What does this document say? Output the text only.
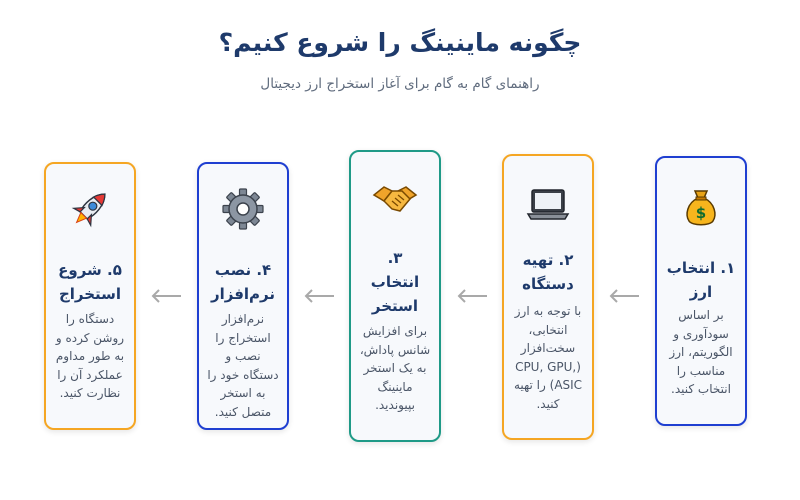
چگونه ماینینگ را شروع کنیم؟
راهنمای گام به گام برای آغاز استخراج ارز دیجیتال
$
۱. انتخاب
ارز
بر اساس سودآوری و الگوریتم، ارز مناسب را انتخاب کنید.
۲. تهیه
دستگاه
با توجه به ارز انتخابی، سخت‌افزار (CPU, GPU, ASIC) را تهیه کنید.
۳.
انتخاب
استخر
برای افزایش شانس پاداش، به یک استخر ماینینگ بپیوندید.
۴. نصب
نرم‌افزار
نرم‌افزار استخراج را نصب و دستگاه خود را به استخر متصل کنید.
۵. شروع
استخراج
دستگاه را روشن کرده و به طور مداوم عملکرد آن را نظارت کنید.
